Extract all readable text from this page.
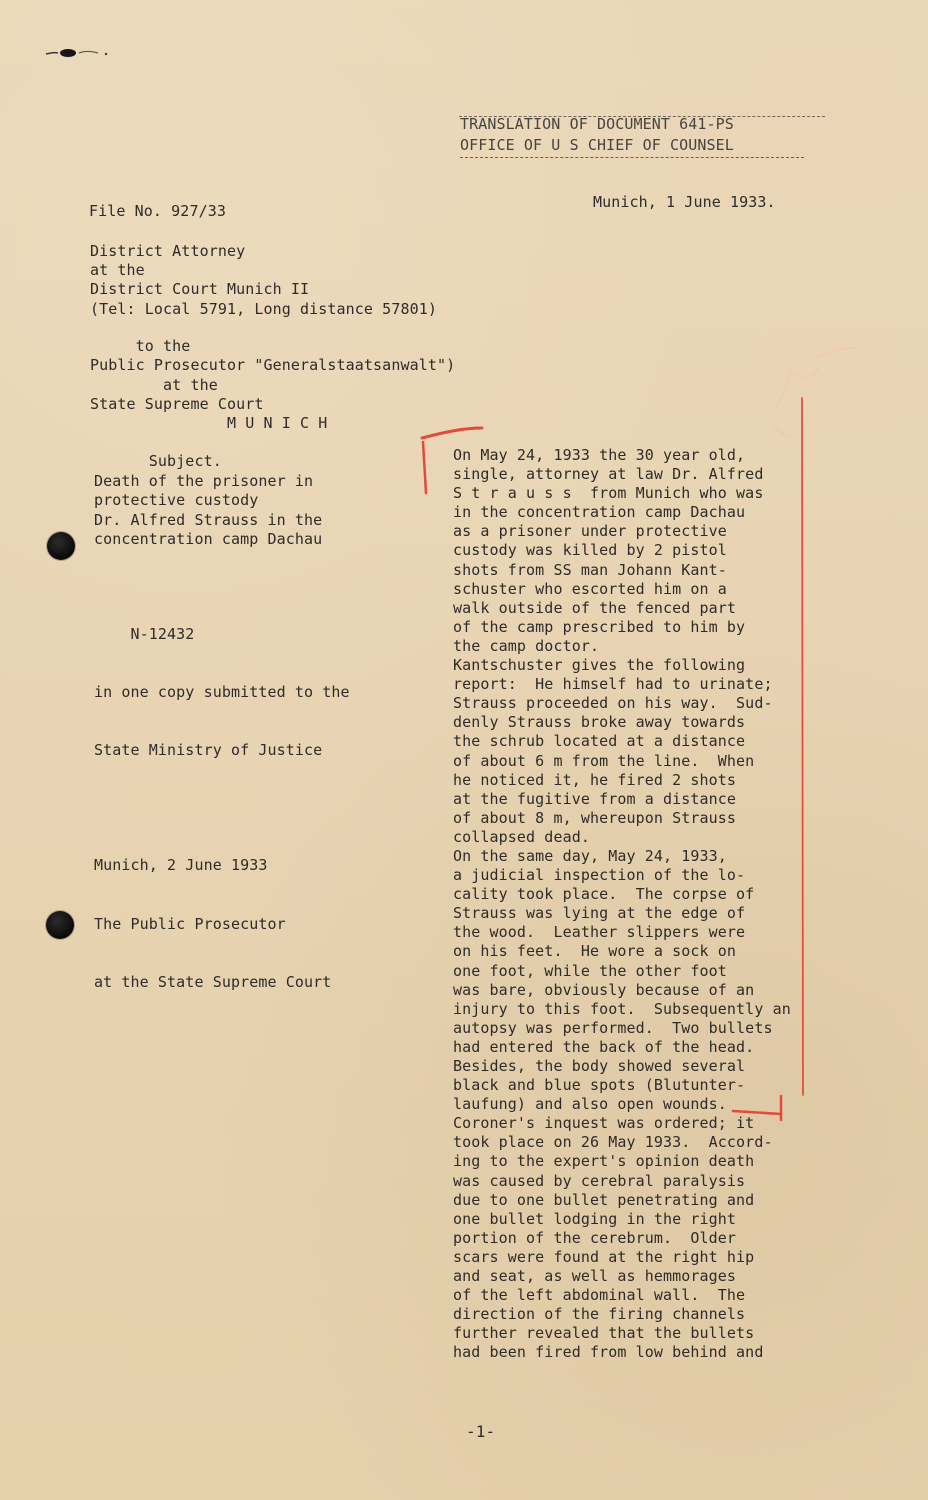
TRANSLATION OF DOCUMENT 641-PS
OFFICE OF U S CHIEF OF COUNSEL
File No. 927/33	Munich, 1 June 1933.
District Attorney
at the
District Court Munich II
(Tel: Local 5791, Long distance 57801)
to the
Public Prosecutor "Generalstaatsanwalt")
at the
State Supreme Court
M U N I C H
Subject.
Death of the prisoner in
protective custody
Dr. Alfred Strauss in the
concentration camp Dachau

N-12432

in one copy submitted to the

State Ministry of Justice

Munich, 2 June 1933

The Public Prosecutor

at the State Supreme Court

On May 24, 1933 the 30 year old,
single, attorney at law Dr. Alfred
S t r a u s s  from Munich who was
in the concentration camp Dachau
as a prisoner under protective
custody was killed by 2 pistol
shots from SS man Johann Kant-
schuster who escorted him on a
walk outside of the fenced part
of the camp prescribed to him by
the camp doctor.
Kantschuster gives the following
report:  He himself had to urinate;
Strauss proceeded on his way.  Sud-
denly Strauss broke away towards
the schrub located at a distance
of about 6 m from the line.  When
he noticed it, he fired 2 shots
at the fugitive from a distance
of about 8 m, whereupon Strauss
collapsed dead.
On the same day, May 24, 1933,
a judicial inspection of the lo-
cality took place.  The corpse of
Strauss was lying at the edge of
the wood.  Leather slippers were
on his feet.  He wore a sock on
one foot, while the other foot
was bare, obviously because of an
injury to this foot.  Subsequently an
autopsy was performed.  Two bullets
had entered the back of the head.
Besides, the body showed several
black and blue spots (Blutunter-
laufung) and also open wounds.
Coroner's inquest was ordered; it
took place on 26 May 1933.  Accord-
ing to the expert's opinion death
was caused by cerebral paralysis
due to one bullet penetrating and
one bullet lodging in the right
portion of the cerebrum.  Older
scars were found at the right hip
and seat, as well as hemmorages
of the left abdominal wall.  The
direction of the firing channels
further revealed that the bullets
had been fired from low behind and
-1-
